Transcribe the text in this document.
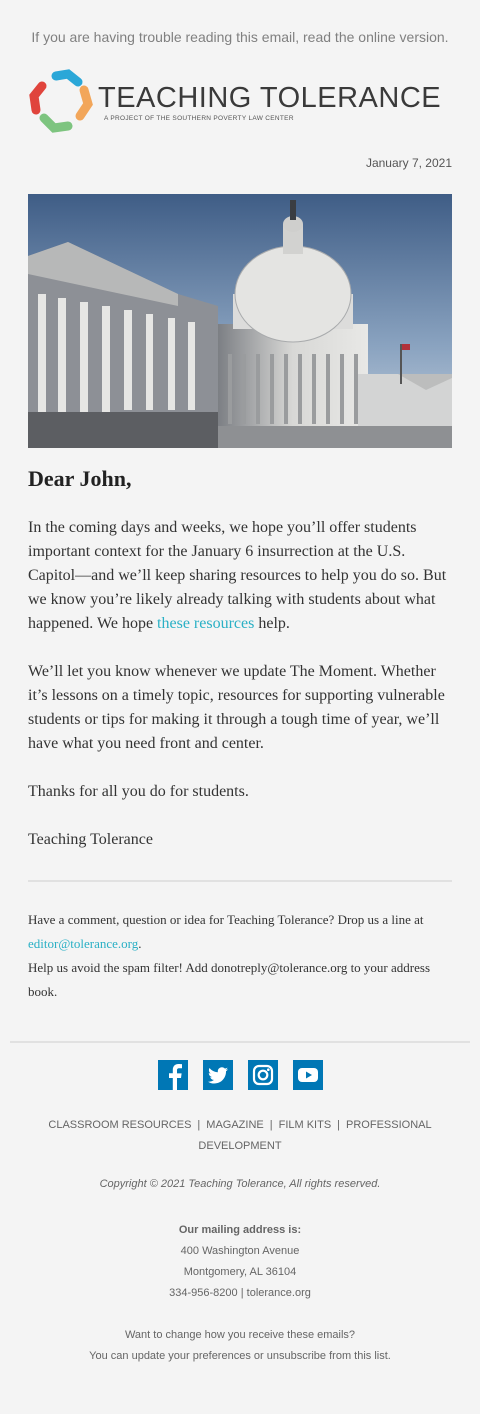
If you are having trouble reading this email, read the online version.
TEACHING TOLERANCE
A PROJECT OF THE SOUTHERN POVERTY LAW CENTER
January 7, 2021
Dear John,

In the coming days and weeks, we hope you’ll offer students important context for the January 6 insurrection at the U.S. Capitol—and we’ll keep sharing resources to help you do so. But we know you’re likely already talking with students about what happened. We hope these resources help.

We’ll let you know whenever we update The Moment. Whether it’s lessons on a timely topic, resources for supporting vulnerable students or tips for making it through a tough time of year, we’ll have what you need front and center.

Thanks for all you do for students.

Teaching Tolerance

Have a comment, question or idea for Teaching Tolerance? Drop us a line at editor@tolerance.org.
Help us avoid the spam filter! Add donotreply@tolerance.org to your address book.
CLASSROOM RESOURCES | MAGAZINE | FILM KITS | PROFESSIONAL DEVELOPMENT
Copyright © 2021 Teaching Tolerance, All rights reserved.
Our mailing address is:
400 Washington Avenue
Montgomery, AL 36104
334-956-8200 | tolerance.org
Want to change how you receive these emails?
You can update your preferences or unsubscribe from this list.
